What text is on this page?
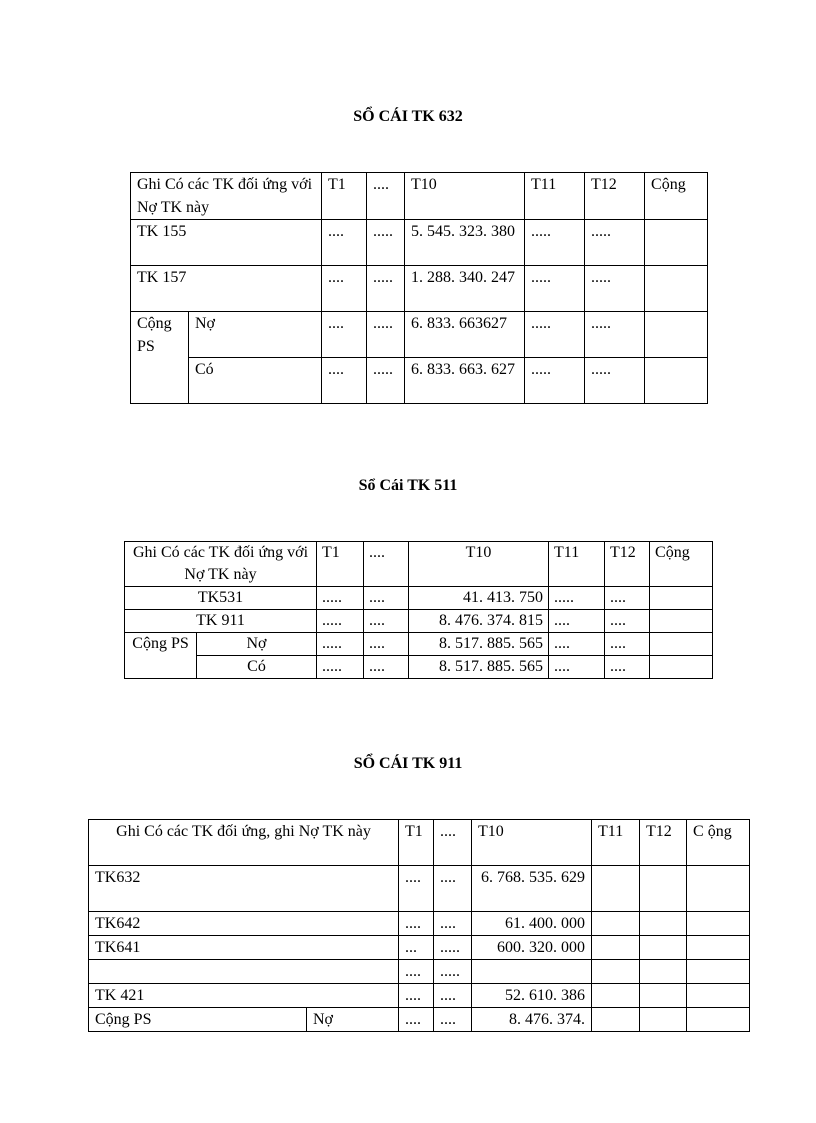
SỔ CÁI TK 632
Ghi Có các TK đối ứng với Nợ TK này		T1	....	T10	T11	T12	Cộng
TK 155		....	.....	5. 545. 323. 380	.....	.....	
TK 157		....	.....	1. 288. 340. 247	.....	.....	
Cộng PS	Nợ	....	.....	6. 833. 663627	.....	.....	
	Có	....	.....	6. 833. 663. 627	.....	.....	
Sổ Cái TK 511
Ghi Có các TK đối ứng với Nợ TK này		T1	....	T10	T11	T12	Cộng
TK531		.....	....	41. 413. 750	.....	....	
TK 911		.....	....	8. 476. 374. 815	....	....	
Cộng PS	Nợ	.....	....	8. 517. 885. 565	....	....	
	Có	.....	....	8. 517. 885. 565	....	....	
SỔ CÁI TK 911
Ghi Có các TK đối ứng, ghi Nợ TK này		T1	....	T10	T11	T12	C ộng
TK632		....	....	6. 768. 535. 629			
TK642		....	....	61. 400. 000			
TK641		...	.....	600. 320. 000			
		....	.....				
TK 421		....	....	52. 610. 386			
Cộng PS	Nợ	....	....	8. 476. 374.			
